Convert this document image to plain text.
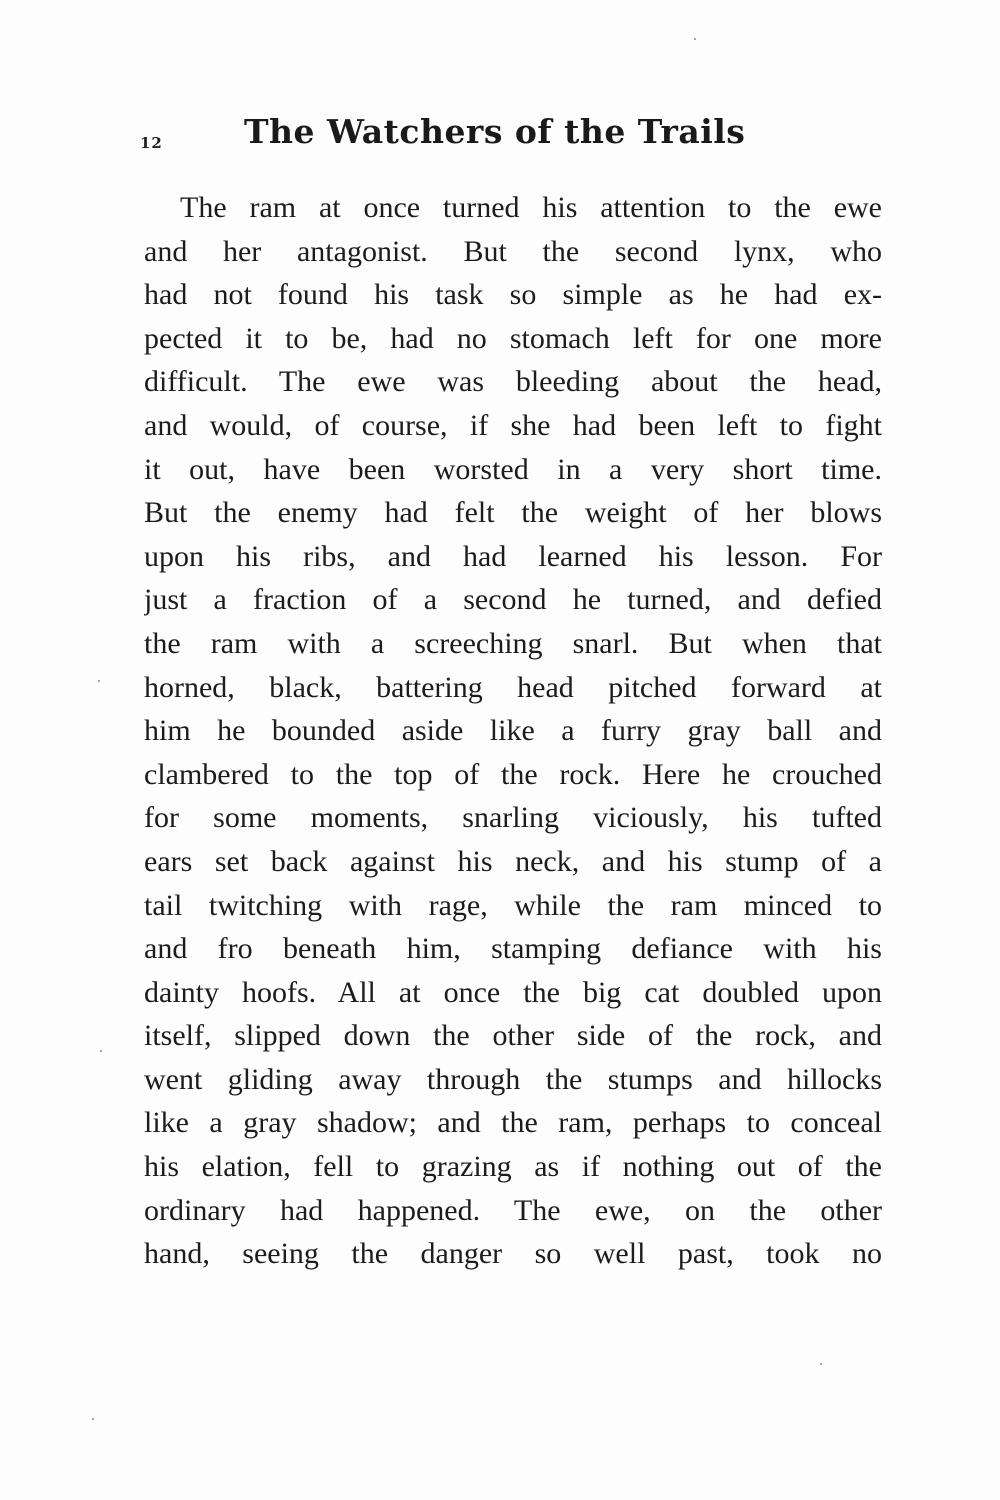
12 The Watchers of the Trails
The ram at once turned his attention to the ewe
and her antagonist. But the second lynx, who
had not found his task so simple as he had ex-
pected it to be, had no stomach left for one more
difficult. The ewe was bleeding about the head,
and would, of course, if she had been left to fight
it out, have been worsted in a very short time.
But the enemy had felt the weight of her blows
upon his ribs, and had learned his lesson. For
just a fraction of a second he turned, and defied
the ram with a screeching snarl. But when that
horned, black, battering head pitched forward at
him he bounded aside like a furry gray ball and
clambered to the top of the rock. Here he crouched
for some moments, snarling viciously, his tufted
ears set back against his neck, and his stump of a
tail twitching with rage, while the ram minced to
and fro beneath him, stamping defiance with his
dainty hoofs. All at once the big cat doubled upon
itself, slipped down the other side of the rock, and
went gliding away through the stumps and hillocks
like a gray shadow; and the ram, perhaps to conceal
his elation, fell to grazing as if nothing out of the
ordinary had happened. The ewe, on the other
hand, seeing the danger so well past, took no
